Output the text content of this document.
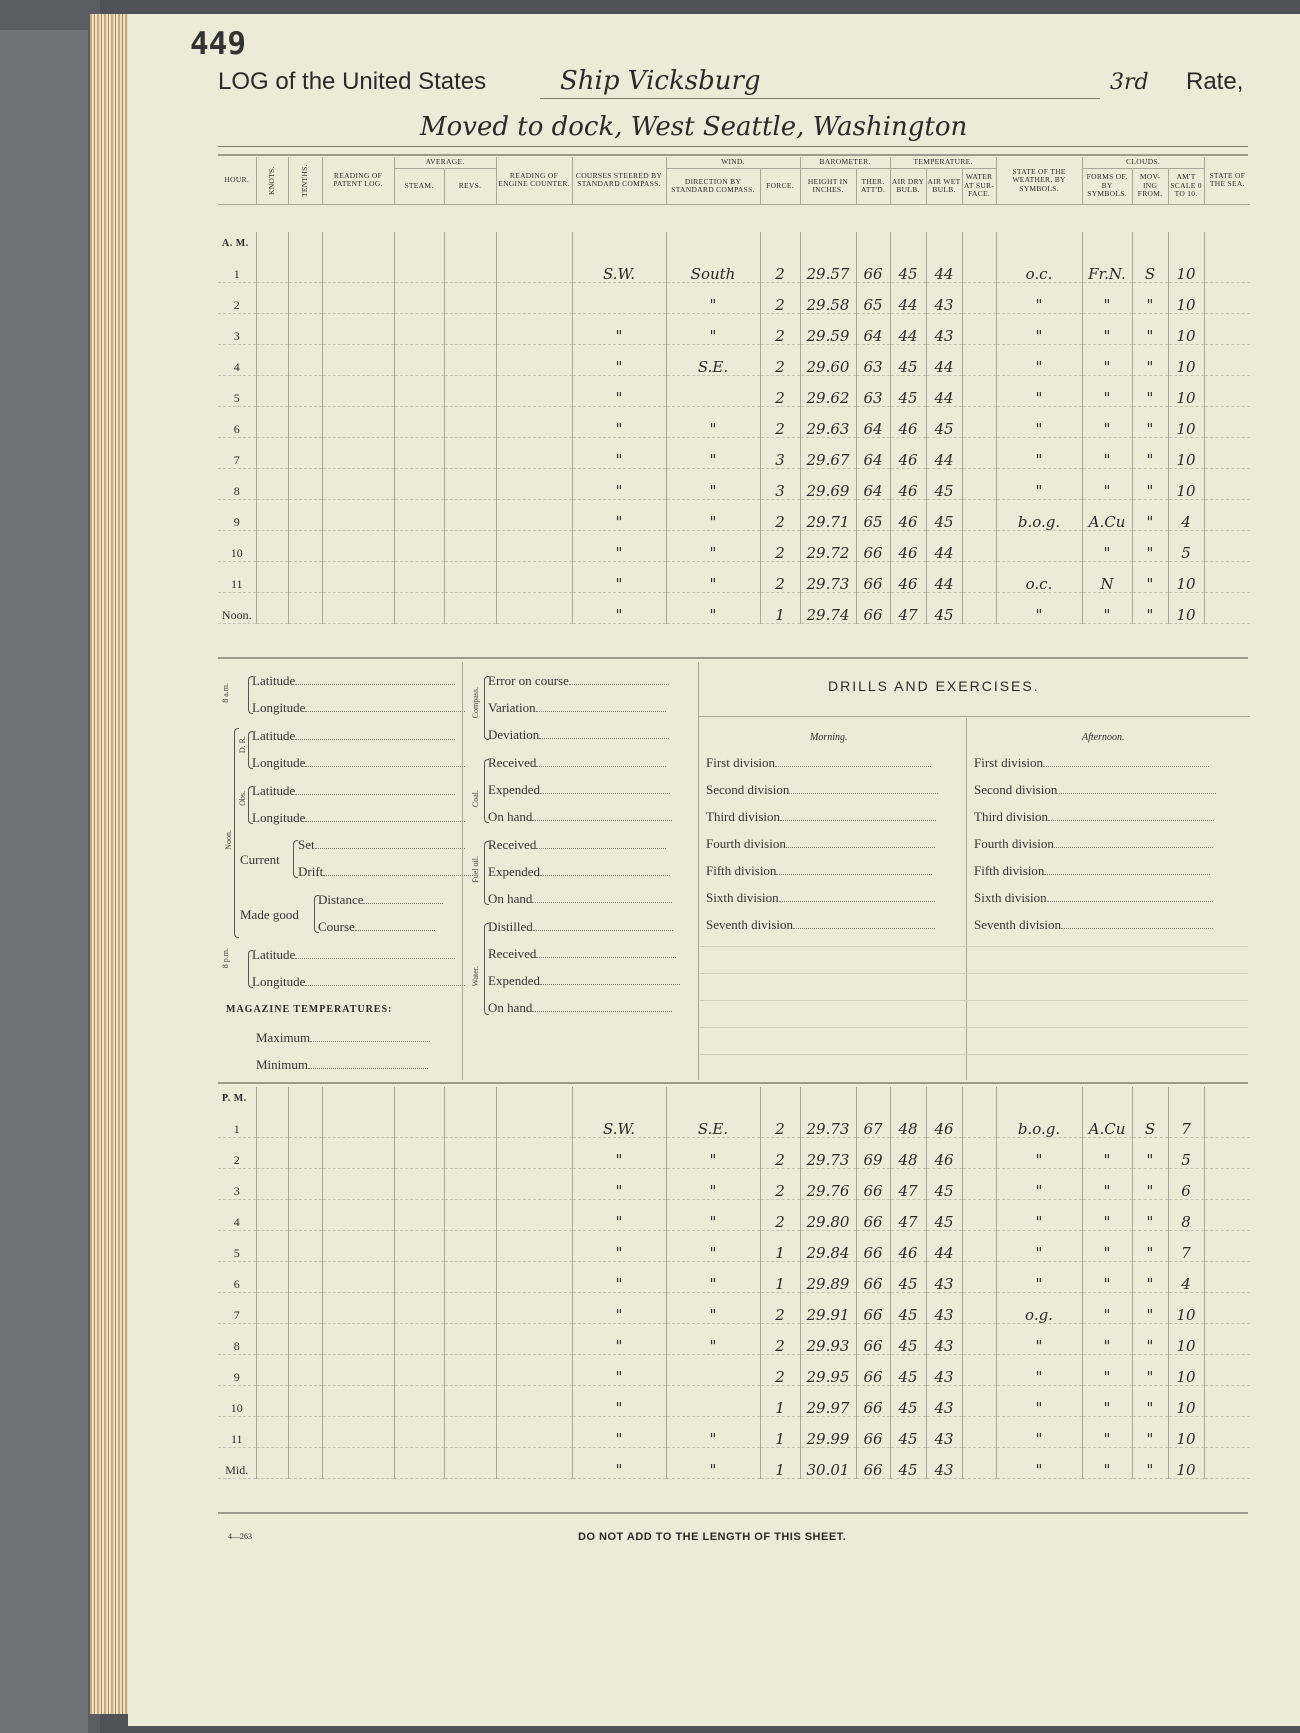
449
LOG of the United States	Ship Vicksburg	3rd Rate,
Moved to dock, West Seattle, Washington
HOUR.	KNOTS.	TENTHS.	READING OF PATENT LOG.	AVERAGE.		READING OF ENGINE COUNTER.	COURSES STEERED BY STANDARD COMPASS.	WIND.		BAROMETER.		TEMPERATURE.			STATE OF THE WEATHER, BY SYMBOLS.	CLOUDS.			STATE OF THE SEA.
				STEAM.	REVS.			DIRECTION BY STANDARD COMPASS.	FORCE.	HEIGHT IN INCHES.	THER. ATT'D.	AIR DRY BULB.	AIR WET BULB.	WATER AT SUR-FACE.		FORMS OF, BY SYMBOLS.	MOV-ING FROM.	AM'T SCALE 0 TO 10.	
A. M.																			
1							S.W.	South	2	29.57	66	45	44		o.c.	Fr.N.	S	10	
2								"	2	29.58	65	44	43		"	"	"	10	
3							"	"	2	29.59	64	44	43		"	"	"	10	
4							"	S.E.	2	29.60	63	45	44		"	"	"	10	
5							"		2	29.62	63	45	44		"	"	"	10	
6							"	"	2	29.63	64	46	45		"	"	"	10	
7							"	"	3	29.67	64	46	44		"	"	"	10	
8							"	"	3	29.69	64	46	45		"	"	"	10	
9							"	"	2	29.71	65	46	45		b.o.g.	A.Cu	"	4	
10							"	"	2	29.72	66	46	44			"	"	5	
11							"	"	2	29.73	66	46	44		o.c.	N	"	10	
Noon.							"	"	1	29.74	66	47	45		"	"	"	10	
8 a.m.
Latitude
Longitude
D. R.
Latitude
Longitude
Obs.
Latitude
Longitude
Noon.
Current
Set
Drift
Made good
Distance
Course
8 p.m. Latitude
Longitude
MAGAZINE TEMPERATURES:
Maximum
Minimum
Compass.
Error on course
Variation
Deviation
Coal.
Received
Expended
On hand
Fuel oil.
Received
Expended
On hand
Water.
Distilled
Received
Expended
On hand
DRILLS AND EXERCISES.
Morning.	Afternoon.
First division
Second division
Third division
Fourth division
Fifth division
Sixth division
Seventh division
First division
Second division
Third division
Fourth division
Fifth division
Sixth division
Seventh division
P. M.																			
1							S.W.	S.E.	2	29.73	67	48	46		b.o.g.	A.Cu	S	7	
2							"	"	2	29.73	69	48	46		"	"	"	5	
3							"	"	2	29.76	66	47	45		"	"	"	6	
4							"	"	2	29.80	66	47	45		"	"	"	8	
5							"	"	1	29.84	66	46	44		"	"	"	7	
6							"	"	1	29.89	66	45	43		"	"	"	4	
7							"	"	2	29.91	66	45	43		o.g.	"	"	10	
8							"	"	2	29.93	66	45	43		"	"	"	10	
9							"		2	29.95	66	45	43		"	"	"	10	
10							"		1	29.97	66	45	43		"	"	"	10	
11							"	"	1	29.99	66	45	43		"	"	"	10	
Mid.							"	"	1	30.01	66	45	43		"	"	"	10	
4—263	DO NOT ADD TO THE LENGTH OF THIS SHEET.
